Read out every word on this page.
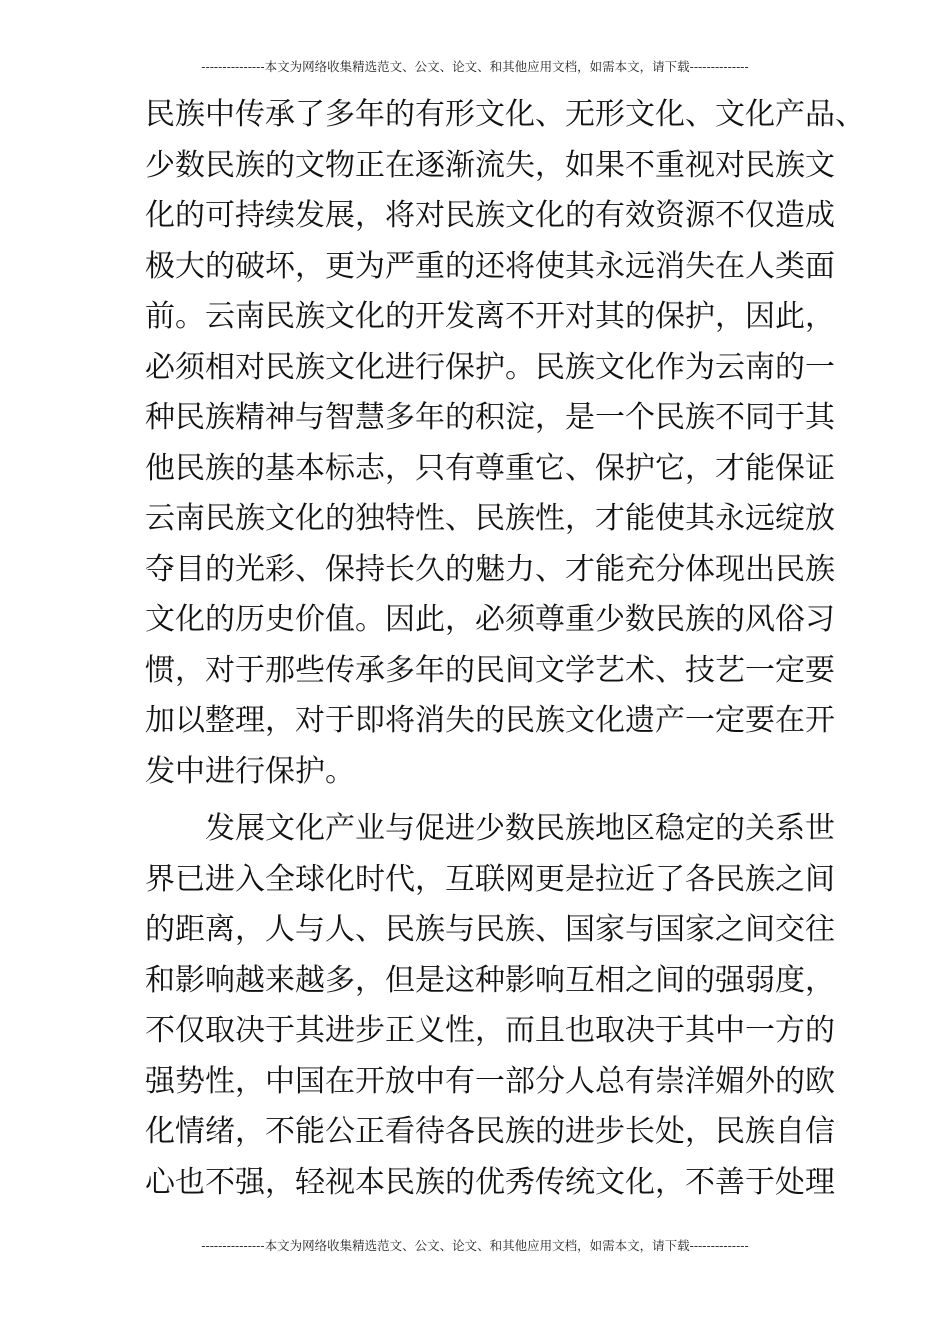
---------------本文为网络收集精选范文、公文、论文、和其他应用文档，如需本文，请下载--------------
民族中传承了多年的有形文化、无形文化、文化产品、
少数民族的文物正在逐渐流失，如果不重视对民族文
化的可持续发展，将对民族文化的有效资源不仅造成
极大的破坏，更为严重的还将使其永远消失在人类面
前。云南民族文化的开发离不开对其的保护，因此，
必须相对民族文化进行保护。民族文化作为云南的一
种民族精神与智慧多年的积淀，是一个民族不同于其
他民族的基本标志，只有尊重它、保护它，才能保证
云南民族文化的独特性、民族性，才能使其永远绽放
夺目的光彩、保持长久的魅力、才能充分体现出民族
文化的历史价值。因此，必须尊重少数民族的风俗习
惯，对于那些传承多年的民间文学艺术、技艺一定要
加以整理，对于即将消失的民族文化遗产一定要在开
发中进行保护。
发展文化产业与促进少数民族地区稳定的关系世
界已进入全球化时代，互联网更是拉近了各民族之间
的距离，人与人、民族与民族、国家与国家之间交往
和影响越来越多，但是这种影响互相之间的强弱度，
不仅取决于其进步正义性，而且也取决于其中一方的
强势性，中国在开放中有一部分人总有崇洋媚外的欧
化情绪，不能公正看待各民族的进步长处，民族自信
心也不强，轻视本民族的优秀传统文化，不善于处理
---------------本文为网络收集精选范文、公文、论文、和其他应用文档，如需本文，请下载--------------
